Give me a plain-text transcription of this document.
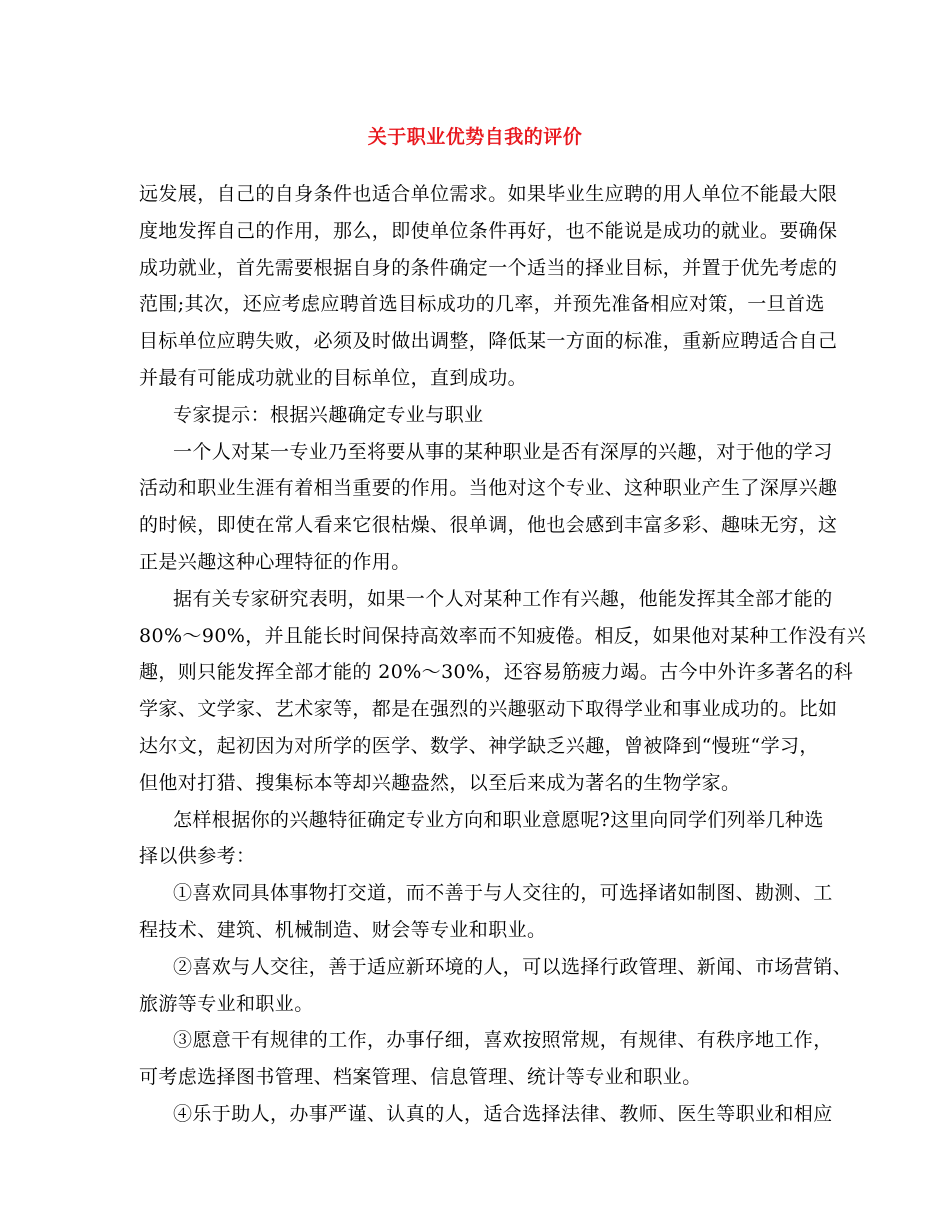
关于职业优势自我的评价
远发展，自己的自身条件也适合单位需求。如果毕业生应聘的用人单位不能最大限
度地发挥自己的作用，那么，即使单位条件再好，也不能说是成功的就业。要确保
成功就业，首先需要根据自身的条件确定一个适当的择业目标，并置于优先考虑的
范围;其次，还应考虑应聘首选目标成功的几率，并预先准备相应对策，一旦首选
目标单位应聘失败，必须及时做出调整，降低某一方面的标准，重新应聘适合自己
并最有可能成功就业的目标单位，直到成功。
专家提示：根据兴趣确定专业与职业
一个人对某一专业乃至将要从事的某种职业是否有深厚的兴趣，对于他的学习
活动和职业生涯有着相当重要的作用。当他对这个专业、这种职业产生了深厚兴趣
的时候，即使在常人看来它很枯燥、很单调，他也会感到丰富多彩、趣味无穷，这
正是兴趣这种心理特征的作用。
据有关专家研究表明，如果一个人对某种工作有兴趣，他能发挥其全部才能的
80%～90%，并且能长时间保持高效率而不知疲倦。相反，如果他对某种工作没有兴
趣，则只能发挥全部才能的 20%～30%，还容易筋疲力竭。古今中外许多著名的科
学家、文学家、艺术家等，都是在强烈的兴趣驱动下取得学业和事业成功的。比如
达尔文，起初因为对所学的医学、数学、神学缺乏兴趣，曾被降到“慢班“学习，
但他对打猎、搜集标本等却兴趣盎然，以至后来成为著名的生物学家。
怎样根据你的兴趣特征确定专业方向和职业意愿呢?这里向同学们列举几种选
择以供参考：
①喜欢同具体事物打交道，而不善于与人交往的，可选择诸如制图、勘测、工
程技术、建筑、机械制造、财会等专业和职业。
②喜欢与人交往，善于适应新环境的人，可以选择行政管理、新闻、市场营销、
旅游等专业和职业。
③愿意干有规律的工作，办事仔细，喜欢按照常规，有规律、有秩序地工作，
可考虑选择图书管理、档案管理、信息管理、统计等专业和职业。
④乐于助人，办事严谨、认真的人，适合选择法律、教师、医生等职业和相应
